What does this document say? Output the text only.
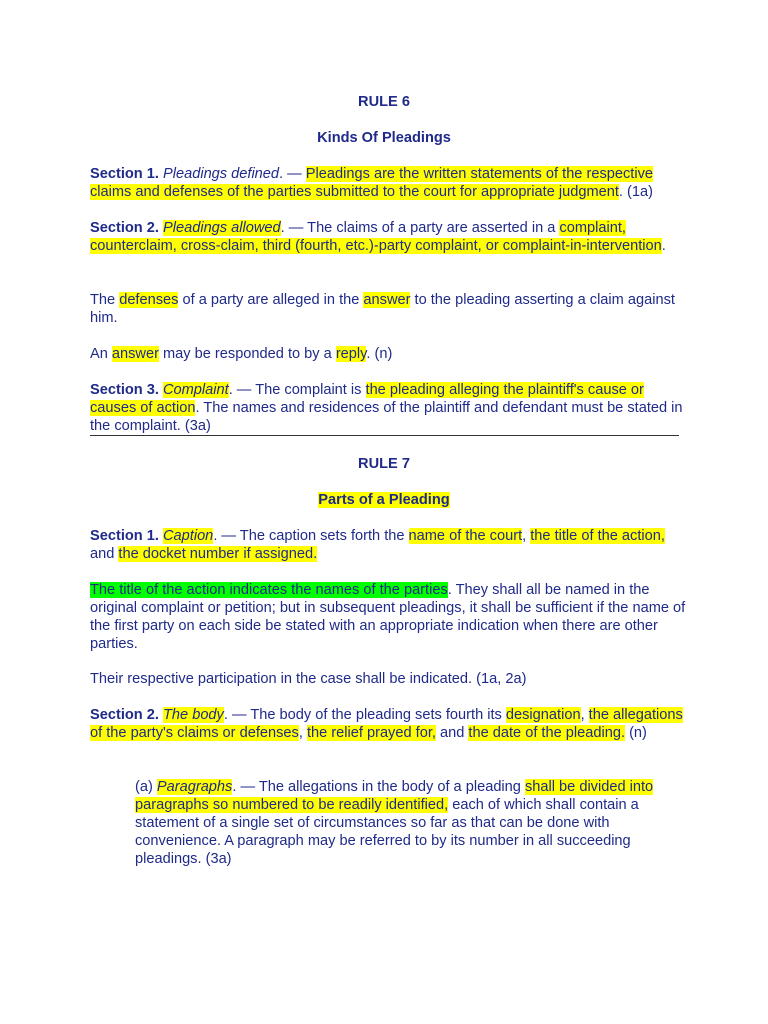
RULE 6

Kinds Of Pleadings

Section 1. Pleadings defined. — Pleadings are the written statements of the respective claims and defenses of the parties submitted to the court for appropriate judgment. (1a)

Section 2. Pleadings allowed. — The claims of a party are asserted in a complaint, counterclaim, cross-claim, third (fourth, etc.)-party complaint, or complaint-in-intervention.

The defenses of a party are alleged in the answer to the pleading asserting a claim against him.

An answer may be responded to by a reply. (n)

Section 3. Complaint. — The complaint is the pleading alleging the plaintiff's cause or causes of action. The names and residences of the plaintiff and defendant must be stated in the complaint. (3a)

RULE 7

Parts of a Pleading

Section 1. Caption. — The caption sets forth the name of the court, the title of the action, and the docket number if assigned.

The title of the action indicates the names of the parties. They shall all be named in the original complaint or petition; but in subsequent pleadings, it shall be sufficient if the name of the first party on each side be stated with an appropriate indication when there are other parties.

Their respective participation in the case shall be indicated. (1a, 2a)

Section 2. The body. — The body of the pleading sets fourth its designation, the allegations of the party's claims or defenses, the relief prayed for, and the date of the pleading. (n)

(a) Paragraphs. — The allegations in the body of a pleading shall be divided into paragraphs so numbered to be readily identified, each of which shall contain a statement of a single set of circumstances so far as that can be done with convenience. A paragraph may be referred to by its number in all succeeding pleadings. (3a)
